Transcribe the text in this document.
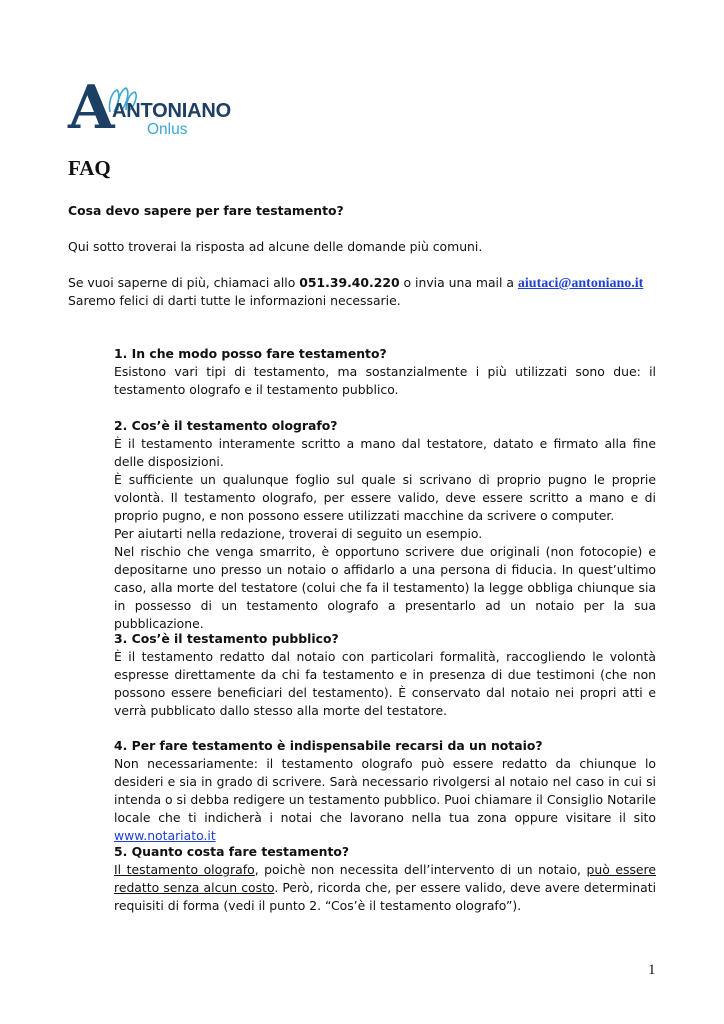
A
ANTONIANO
Onlus
FAQ

Cosa devo sapere per fare testamento?

Qui sotto troverai la risposta ad alcune delle domande più comuni.

Se vuoi saperne di più, chiamaci allo 051.39.40.220 o invia una mail a aiutaci@antoniano.it

Saremo felici di darti tutte le informazioni necessarie.

1. In che modo posso fare testamento?

Esistono vari tipi di testamento, ma sostanzialmente i più utilizzati sono due: il testamento olografo e il testamento pubblico.

2. Cos’è il testamento olografo?

È il testamento interamente scritto a mano dal testatore, datato e firmato alla fine delle disposizioni.

È sufficiente un qualunque foglio sul quale si scrivano di proprio pugno le proprie volontà. Il testamento olografo, per essere valido, deve essere scritto a mano e di proprio pugno, e non possono essere utilizzati macchine da scrivere o computer.

Per aiutarti nella redazione, troverai di seguito un esempio.

Nel rischio che venga smarrito, è opportuno scrivere due originali (non fotocopie) e depositarne uno presso un notaio o affidarlo a una persona di fiducia. In quest’ultimo caso, alla morte del testatore (colui che fa il testamento) la legge obbliga chiunque sia in possesso di un testamento olografo a presentarlo ad un notaio per la sua pubblicazione.

3. Cos’è il testamento pubblico?

È il testamento redatto dal notaio con particolari formalità, raccogliendo le volontà espresse direttamente da chi fa testamento e in presenza di due testimoni (che non possono essere beneficiari del testamento). È conservato dal notaio nei propri atti e verrà pubblicato dallo stesso alla morte del testatore.

4. Per fare testamento è indispensabile recarsi da un notaio?

Non necessariamente: il testamento olografo può essere redatto da chiunque lo desideri e sia in grado di scrivere. Sarà necessario rivolgersi al notaio nel caso in cui si intenda o si debba redigere un testamento pubblico. Puoi chiamare il Consiglio Notarile locale che ti indicherà i notai che lavorano nella tua zona oppure visitare il sito www.notariato.it

5. Quanto costa fare testamento?

Il testamento olografo, poichè non necessita dell’intervento di un notaio, può essere redatto senza alcun costo. Però, ricorda che, per essere valido, deve avere determinati requisiti di forma (vedi il punto 2. “Cos’è il testamento olografo”).

1
